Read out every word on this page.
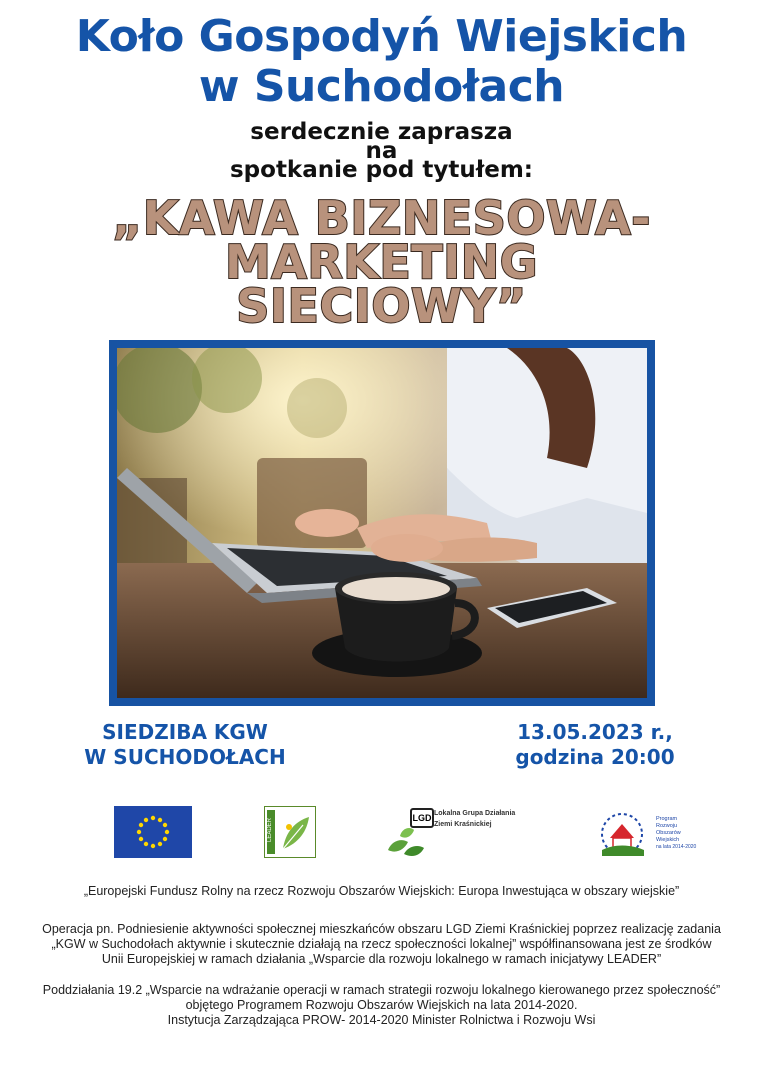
Koło Gospodyń Wiejskich
w Suchodołach
serdecznie zaprasza
na
spotkanie pod tytułem:
„KAWA BIZNESOWA-
MARKETING
SIECIOWY”
SIEDZIBA KGW
W SUCHODOŁACH
13.05.2023 r.,
godzina 20:00
LEADER	LGD Lokalna Grupa Działania
Ziemi Kraśnickiej
Program
Rozwoju
Obszarów
Wiejskich
na lata 2014-2020
„Europejski Fundusz Rolny na rzecz Rozwoju Obszarów Wiejskich: Europa Inwestująca w obszary wiejskie”
Operacja pn. Podniesienie aktywności społecznej mieszkańców obszaru LGD Ziemi Kraśnickiej poprzez realizację zadania
„KGW w Suchodołach aktywnie i skutecznie działają na rzecz społeczności lokalnej” współfinansowana jest ze środków
Unii Europejskiej w ramach działania „Wsparcie dla rozwoju lokalnego w ramach inicjatywy LEADER”
Poddziałania 19.2 „Wsparcie na wdrażanie operacji w ramach strategii rozwoju lokalnego kierowanego przez społeczność”
objętego Programem Rozwoju Obszarów Wiejskich na lata 2014-2020.
Instytucja Zarządzająca PROW- 2014-2020 Minister Rolnictwa i Rozwoju Wsi
